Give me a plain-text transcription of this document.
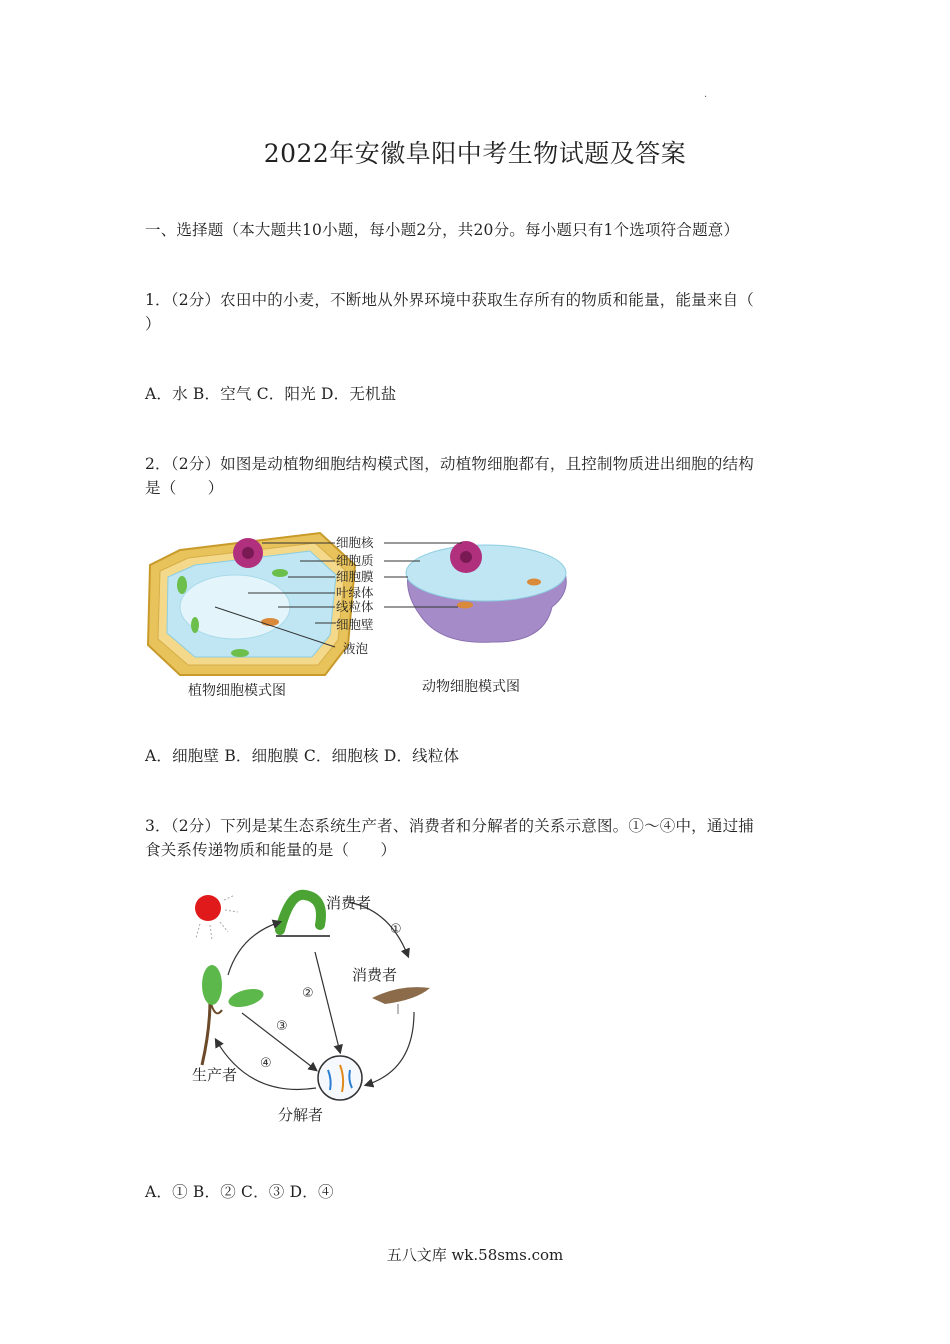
·
2022年安徽阜阳中考生物试题及答案
一、选择题（本大题共10小题，每小题2分，共20分。每小题只有1个选项符合题意）
1．（2分）农田中的小麦，不断地从外界环境中获取生存所有的物质和能量，能量来自（
）
A．水 B．空气 C．阳光 D．无机盐
2．（2分）如图是动植物细胞结构模式图，动植物细胞都有，且控制物质进出细胞的结构
是（　　）
细胞核
细胞质
细胞膜
叶绿体
线粒体
细胞壁
液泡
植物细胞模式图	动物细胞模式图
A．细胞壁 B．细胞膜 C．细胞核 D．线粒体
3．（2分）下列是某生态系统生产者、消费者和分解者的关系示意图。①～④中，通过捕
食关系传递物质和能量的是（　　）
消费者
消费者
生产者
分解者
①
②
③
④
A．① B．② C．③ D．④
五八文库 wk.58sms.com
